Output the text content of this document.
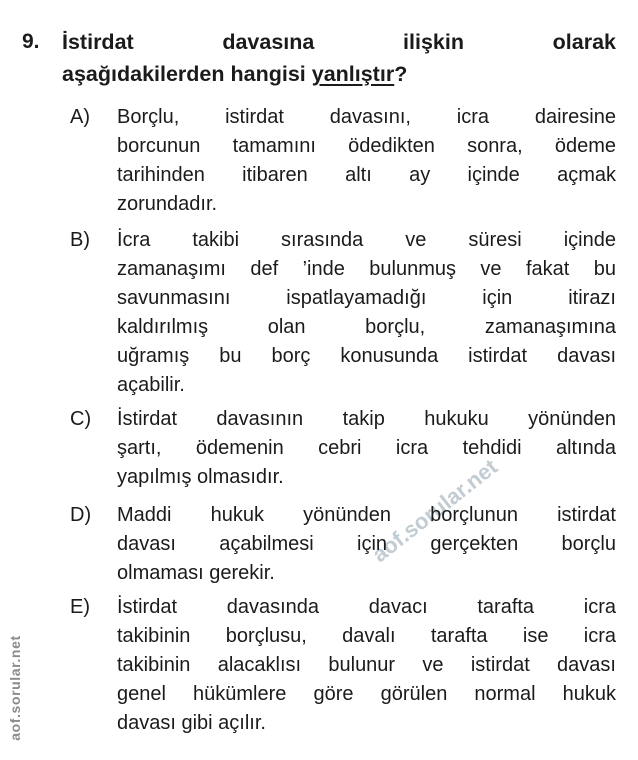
aof.sorular.net
aof.sorular.net
9. İstirdat davasına ilişkin olarak
aşağıdakilerden hangisi yanlıştır?
A) Borçlu, istirdat davasını, icra dairesine
borcunun tamamını ödedikten sonra, ödeme
tarihinden itibaren altı ay içinde açmak
zorundadır.
B) İcra takibi sırasında ve süresi içinde
zamanaşımı def ’inde bulunmuş ve fakat bu
savunmasını ispatlayamadığı için itirazı
kaldırılmış olan borçlu, zamanaşımına
uğramış bu borç konusunda istirdat davası
açabilir.
C) İstirdat davasının takip hukuku yönünden
şartı, ödemenin cebri icra tehdidi altında
yapılmış olmasıdır.
D) Maddi hukuk yönünden borçlunun istirdat
davası açabilmesi için gerçekten borçlu
olmaması gerekir.
E) İstirdat davasında davacı tarafta icra
takibinin borçlusu, davalı tarafta ise icra
takibinin alacaklısı bulunur ve istirdat davası
genel hükümlere göre görülen normal hukuk
davası gibi açılır.
